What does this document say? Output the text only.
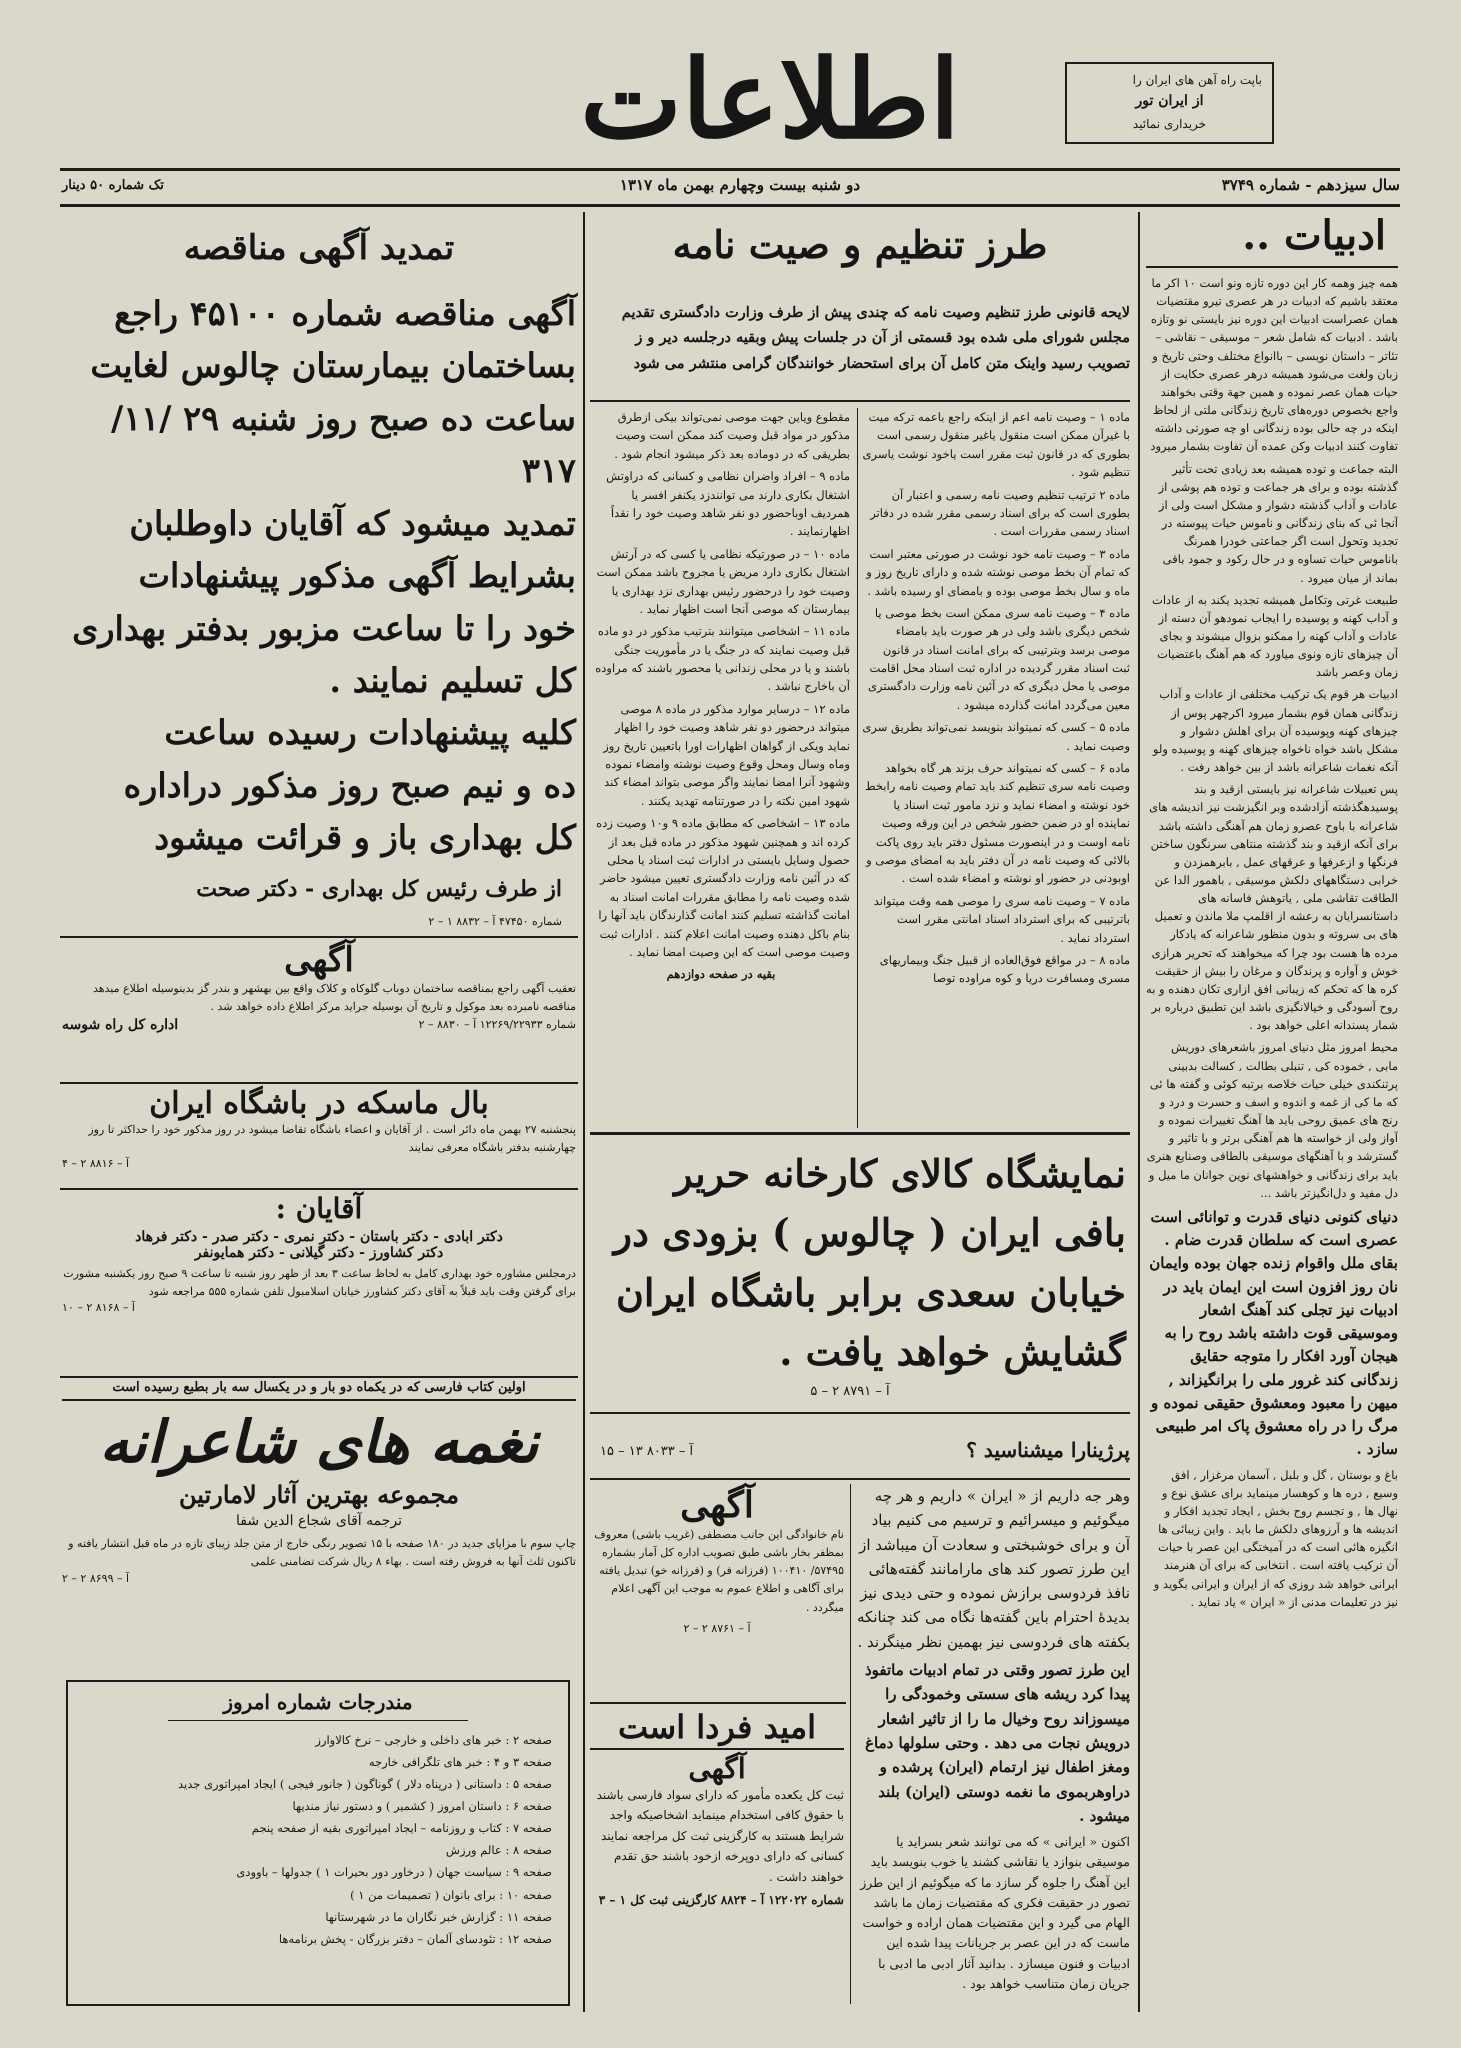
باپت راه آهن های ایران را
از ایران تور
خریداری نمائید
اطلاعات
سال سیزدهم - شماره ۳۷۴۹
دو شنبه بیست وچهارم بهمن ماه ۱۳۱۷
تک شماره ۵۰ دینار
ادبیات ..

همه چیز وهمه کار این دوره تازه ونو است ۱۰ اکر ما معتقد باشیم که ادبیات در هر عصری تیرو مقتضیات همان عصراست ادبیات این دوره نیز بایستی نو وتازه باشد . ادبیات که شامل شعر – موسیقی – نقاشی – تئاتر – داستان نویسی – باانواع مختلف وحتی تاریخ و زبان ولغت می‌شود همیشه درهر عصری حکایت از حیات همان عصر نموده و همین جهة وقتی بخواهند واجع بخصوص دوره‌های تاریخ زندگانی ملتی از لحاظ اینکه در چه حالی بوده زندگانی او چه صورتی داشته تفاوت کنند ادبیات وکن عمده آن تفاوت بشمار میرود

البته جماعت و توده همیشه بعد زیادی تحت تأثیر گذشته بوده و برای هر جماعت و توده هم پوشی از عادات و آداب گذشته دشوار و مشکل است ولی از آنجا ئی که بنای زندگانی و ناموس حیات پیوسته در تجدید وتحول است اگر جماعتی خودرا همرنگ باناموس حیات تساوه و در حال رکود و جمود باقی بماند از میان میرود .

طبیعت غرتی وتکامل همیشه تجدید یکند به از عادات و آداب کهنه و پوسیده را ایجاب نمودهو آن دسته از عادات و آداب کهنه را ممکنو بزوال میشوند و بجای آن چیزهای تازه ونوی میاورد که هم آهنگ باعتضیات زمان وعصر باشد

ادبیات هر قوم یک ترکیب مختلفی از عادات و آداب زندگانی همان قوم بشمار میرود اکرچهر پوس از چیزهای کهنه وپوسیده آن برای اهلش دشوار و مشکل باشد خواه ناخواه چیزهای کهنه و پوسیده ولو آنکه نغمات شاعرانه باشد از بین خواهد رفت .

پس تعبیلات شاعرانه نیز بایستی ازقید و بند پوسیدهگذشته آزادشده وبر انگیزشت نیز اندیشه های شاعرانه با باوح عصرو زمان هم آهنگی داشته باشد برای آنکه ازقید و بند گذشته منتاهی سرنگون ساختن فرنگها و ازعرفها و عرقهای عمل , بابرهمزدن و خرابی دستگاههای دلکش موسیقی , باهمور الدا عن الطاقت تقاشی ملی , یاتوهش فاسانه های داستانسرایان به رعشه از اقلمپ ملا ماندن و تعمیل های بی سروته و بدون منظور شاعرانه که یادکار مرده ها هست بود چرا که میخواهند که تحریر هرازی خوش و آواره و پرندگان و مرغان را بیش از حقیقت کره ها که تحکم که زیبانی افق ازاری تکان دهنده و به روح آسودگی و خیالانگیزی باشد این تطبیق درباره بر شمار پسندانه اعلی خواهد بود .

محیط امروز مثل دنیای امروز باشعرهای دوریش مابی , خموده کی , تنبلی بطالت , کسالت بدبینی پرتنکندی خیلی حیات خلاصه برتبه کوئی و گفته ها ئی که ما کی از غمه و اندوه و اسف و حسرت و درد و رنج های عمیق روحی باید ها آهنگ تغییرات نموده و آواز ولی از خواسته ها هم آهنگی برتر و با تاثیر و گسترشد و با آهنگهای موسیقی بالطافی وصنایع هنری باید برای زندگانی و خواهشهای نوین جوانان ما میل و دل مفید و دل‌انگیزتر باشد ...

دنیای کنونی دنیای قدرت و توانائی است عصری است که سلطان قدرت ضام . بقای ملل واقوام زنده جهان بوده وایمان نان روز افزون است این ایمان باید در ادبیات نیز تجلی کند آهنگ اشعار وموسیقی قوت داشته باشد روح را به هیجان آورد افکار را متوجه حقایق زندگانی کند غرور ملی را برانگیزاند , میهن را معبود ومعشوق حقیقی نموده و مرگ را در راه معشوق پاک امر طبیعی سازد .

باغ و بوستان , گل و بلبل , آسمان مرغزار , افق وسیع , دره ها و کوهسار مینماید برای عشق نوع و نهال ها , و تجسم روح بخش , ایجاد تجدید افکار و اندیشه ها و آرزوهای دلکش ما باید . واین زیبائی ها انگیزه هائی است که در آمیختگی این عصر با حیات آن ترکیب یافته است . انتخابی که برای آن هنرمند ایرانی خواهد شد روزی که از ایران و ایرانی بگوید و نیز در تعلیمات مدنی از « ایران » یاد نماید .

طرز تنظیم و صیت نامه
لایحه قانونی طرز تنظیم وصیت نامه که چندی پیش از طرف وزارت دادگستری تقدیم مجلس شورای ملی شده بود قسمتی از آن در جلسات پیش وبقیه درجلسه دیر و ز تصویب رسید واینک متن کامل آن برای استحضار خوانندگان گرامی منتشر می شود

ماده ۱ – وصیت نامه اعم از اینکه راجع باعمه ترکه میت با غیرآن ممکن است منقول یاغیر منقول رسمی است بطوری که در قانون ثبت مقرر است یاخود نوشت یاسری تنظیم شود .

ماده ۲ ترتیب تنظیم وصیت نامه رسمی و اعتبار آن بطوری است که برای اسناد رسمی مقرر شده در دفاتر اسناد رسمی مقررات است .

ماده ۳ – وصیت نامه خود نوشت در صورتی معتبر است که تمام آن بخط موصی نوشته شده و دارای تاریخ روز و ماه و سال بخط موصی بوده و بامضای او رسیده باشد .

ماده ۴ – وصیت نامه سری ممکن است بخط موصی یا شخص دیگری باشد ولی در هر صورت باید بامضاء موصی برسد وبترتیبی که برای امانت اسناد در قانون ثبت اسناد مقرر گردیده در اداره ثبت اسناد محل اقامت موصی یا محل دیگری که در آئین نامه وزارت دادگستری معین می‌گردد امانت گذارده میشود .

ماده ۵ – کسی که نمیتواند بنویسد نمی‌تواند بطریق سری وصیت نماید .

ماده ۶ – کسی که نمیتواند حرف بزند هر گاه بخواهد وصیت نامه سری تنظیم کند باید تمام وصیت نامه رابخط خود نوشته و امضاء نماید و نزد مامور ثبت اسناد یا نماینده او در ضمن حضور شخص در این ورقه وصیت نامه اوست و در اینصورت مسئول دفتر باید روی پاکت بالائی که وصیت نامه در آن دفتر باید به امضای موصی و اوبودنی در حضور او نوشته و امضاء شده است .

ماده ۷ – وصیت نامه سری را موصی همه وقت میتواند باترتیبی که برای استرداد اسناد امانتی مقرر است استرداد نماید .

ماده ۸ – در مواقع فوق‌العاده از قبیل جنگ وبیماریهای مسری ومسافرت دریا و کوه مراوده توصا

مقطوع ویاین جهت موصی نمی‌تواند بیکی ازطرق مذکور در مواد قبل وصیت کند ممکن است وصیت بطریقی که در دوماده بعد ذکر میشود انجام شود .

ماده ۹ – افراد واضران نظامی و کسانی که دراوتش اشتغال بکاری دارند می توانندزد یکنفر افسر یا همردیف اوباحضور دو نفر شاهد وصیت خود را نقداً اظهارنمایند .

ماده ۱۰ – در صورتیکه نظامی یا کسی که در آرتش اشتغال بکاری دارد مریض یا مجروح باشد ممکن است وصیت خود را درحضور رئیس بهداری نزد بهداری یا بیمارستان که موصی آنجا است اظهار نماید .

ماده ۱۱ – اشخاصی میتوانند بترتیب مذکور در دو ماده قبل وصیت نمایند که در جنگ یا در مأموریت جنگی باشند و یا در محلی زندانی یا محصور باشند که مراوده آن باخارج نباشد .

ماده ۱۲ – درسایر موارد مذکور در ماده ۸ موصی میتواند درحضور دو نفر شاهد وصیت خود را اظهار نماید ویکی از گواهان اظهارات اورا باتعیین تاریخ روز وماه وسال ومحل وقوع وصیت نوشته وامضاء نموده وشهود آنرا امضا نمایند واگر موصی بتواند امضاء کند شهود امین نکته را در صورتنامه تهدید یکنند .

ماده ۱۳ – اشخاصی که مطابق ماده ۹ و۱۰ وصیت زده کرده اند و همچنین شهود مذکور در ماده قبل بعد از حصول وسایل بایستی در ادارات ثبت اسناد یا محلی که در آئین نامه وزارت دادگستری تعیین میشود حاضر شده وصیت نامه را مطابق مقررات امانت اسناد به امانت گذاشته تسلیم کنند امانت گذارندگان باید آنها را بنام باکل دهنده وصیت امانت اعلام کنند . ادارات ثبت وصیت موصی است که این وصیت امضا نماید .

بقیه در صفحه دوازدهم

نمایشگاه کالای کارخانه حریر
بافی ایران ( چالوس ) بزودی در
خیابان سعدی برابر باشگاه ایران
گشایش خواهد یافت .
آ – ۸۷۹۱ ۲ – ۵
پرژینارا میشناسید ؟
آ – ۸۰۳۳ ۱۳ – ۱۵

وهر جه داریم از « ایران » داریم و هر چه میگوئیم و میسرائیم و ترسیم می کنیم بیاد آن و برای خوشبختی و سعادت آن میباشد از این طرز تصور کند های مارامانند گفته‌هائی نافذ فردوسی برازش نموده و حتی دیدی نیز بدیدۀ احترام باین گفته‌ها نگاه می کند چنانکه بکفته های فردوسی نیز بهمین نظر مینگرند .

این طرز تصور وقتی در تمام ادبیات ماتفوذ پیدا کرد ریشه های سستی وخمودگی را میسوزاند روح وخیال ما را از تاثیر اشعار درویش نجات می دهد . وحتی سلولها دماغ ومغز اطفال نیز ارتمام (ایران) پرشده و دراوهربموی ما نغمه دوستی (ایران) بلند میشود .

اکنون « ایرانی » که می توانند شعر بسراید یا موسیقی بنوازد یا نقاشی کشند یا خوب بنویسد باید این آهنگ را جلوه گر سازد ما که میگوئیم از این طرز تصور در حقیقت فکری که مقتضیات زمان ما باشد الهام می گیرد و این مقتضیات همان اراده و خواست ماست که در این عصر بر جریانات پیدا شده این ادبیات و فنون میسازد . بدانید آثار ادبی ما ادبی با جریان زمان متناسب خواهد بود .

آگهی
نام خانوادگی این جانب مصطفی (غریب باشی) معروف بمظفر بخار باشی طبق تصویب اداره کل آمار بشماره ۵۷۴۹۵/ ۱۰۰۴۱۰ (فرزانه فر) و (فرزانه خو) تبدیل یافته برای آگاهی و اطلاع عموم به موجب این آگهی اعلام میگردد .
آ – ۸۷۶۱ ۲ – ۲
امید فردا است
آگهی
ثبت کل یکعده مأمور که دارای سواد فارسی باشند با حقوق کافی استخدام مینماید اشخاصیکه واجد شرایط هستند به کارگزینی ثبت کل مراجعه نمایند کسانی که دارای دوپرخه ازخود باشند حق تقدم خواهند داشت .
شماره ۱۲۲۰۲۲ آ – ۸۸۲۴ کارگزینی ثبت کل ۱ – ۳
تمدید آگهی مناقصه
آگهی مناقصه شماره ۴۵۱۰۰ راجع
بساختمان بیمارستان چالوس لغایت
ساعت ده صبح روز شنبه ۲۹ /۱۱/ ۳۱۷
تمدید میشود که آقایان داوطلبان
بشرایط آگهی مذکور پیشنهادات
خود را تا ساعت مزبور بدفتر بهداری
کل تسلیم نمایند .
کلیه پیشنهادات رسیده ساعت
ده و نیم صبح روز مذکور دراداره
کل بهداری باز و قرائت میشود
از طرف رئیس کل بهداری - دکتر صحت
شماره ۴۷۴۵۰ آ – ۸۸۳۲ ۱ – ۲
آگهی
تعقیب آگهی راجع بمناقصه ساختمان دوباب گلوکاه و کلاک واقع بین بهشهر و بندر گز بدینوسیله اطلاع میدهد مناقصه نامبرده بعد موکول و تاریخ آن بوسیله جراید مرکز اطلاع داده خواهد شد .
شماره ۱۲۲۶۹/۲۲۹۳۳ آ – ۸۸۳۰ – ۲
اداره کل راه شوسه
بال ماسکه در باشگاه ایران
پنجشنبه ۲۷ بهمن ماه دائر است . از آقایان و اعضاء باشگاه تقاضا میشود در روز مذکور خود را حداکثر تا روز چهارشنبه بدفتر باشگاه معرفی نمایند
آ – ۸۸۱۶ ۲ – ۴
آقایان :
دکتر ابادی - دکتر باستان - دکتر نمری - دکتر صدر - دکتر فرهاد
دکتر کشاورز - دکتر گیلانی - دکتر همایونفر
درمجلس مشاوره خود بهداری کامل به لحاظ ساعت ۳ بعد از ظهر روز شنبه تا ساعت ۹ صبح روز یکشنبه مشورت برای گرفتن وقت باید قبلاً به آقای دکتر کشاورز خیابان اسلامبول تلفن شماره ۵۵۵ مراجعه شود
آ – ۸۱۶۸ ۲ – ۱۰
اولین کتاب فارسی که در یکماه دو بار و در یکسال سه بار بطبع رسیده است
نغمه های شاعرانه
مجموعه بهترین آثار لامارتین
ترجمه آقای شجاع الدین شفا
چاپ سوم با مزایای جدید در ۱۸۰ صفحه با ۱۵ تصویر رنگی خارج از متن جلد زیبای تازه در ماه قبل انتشار یافته و تاکنون ثلث آنها به فروش رفته است . بهاء ۸ ریال شرکت تضامنی علمی
آ – ۸۶۹۹ ۲ – ۲
مندرجات شماره امروز
صفحه ۲ : خبر های داخلی و خارجی – نرخ کالاوارز
صفحه ۳ و ۴ : خبر های تلگرافی خارجه
صفحه ۵ : داستانی ( درپناه دلار ) گوناگون ( جانور فیجی ) ایجاد امپراتوری جدید
صفحه ۶ : داستان امروز ( کشمیر ) و دستور نیاز مندیها
صفحه ۷ : کتاب و روزنامه – ایجاد امپراتوری بقیه از صفحه پنجم
صفحه ۸ : عالم ورزش
صفحه ۹ : سیاست جهان ( درخاور دور بحیرات ۱ ) جدولها – باوودی
صفحه ۱۰ : برای بانوان ( تصمیمات من ۱ )
صفحه ۱۱ : گزارش خبر نگاران ما در شهرستانها
صفحه ۱۲ : تئودسای آلمان – دفتر بزرگان - پخش برنامه‌ها
